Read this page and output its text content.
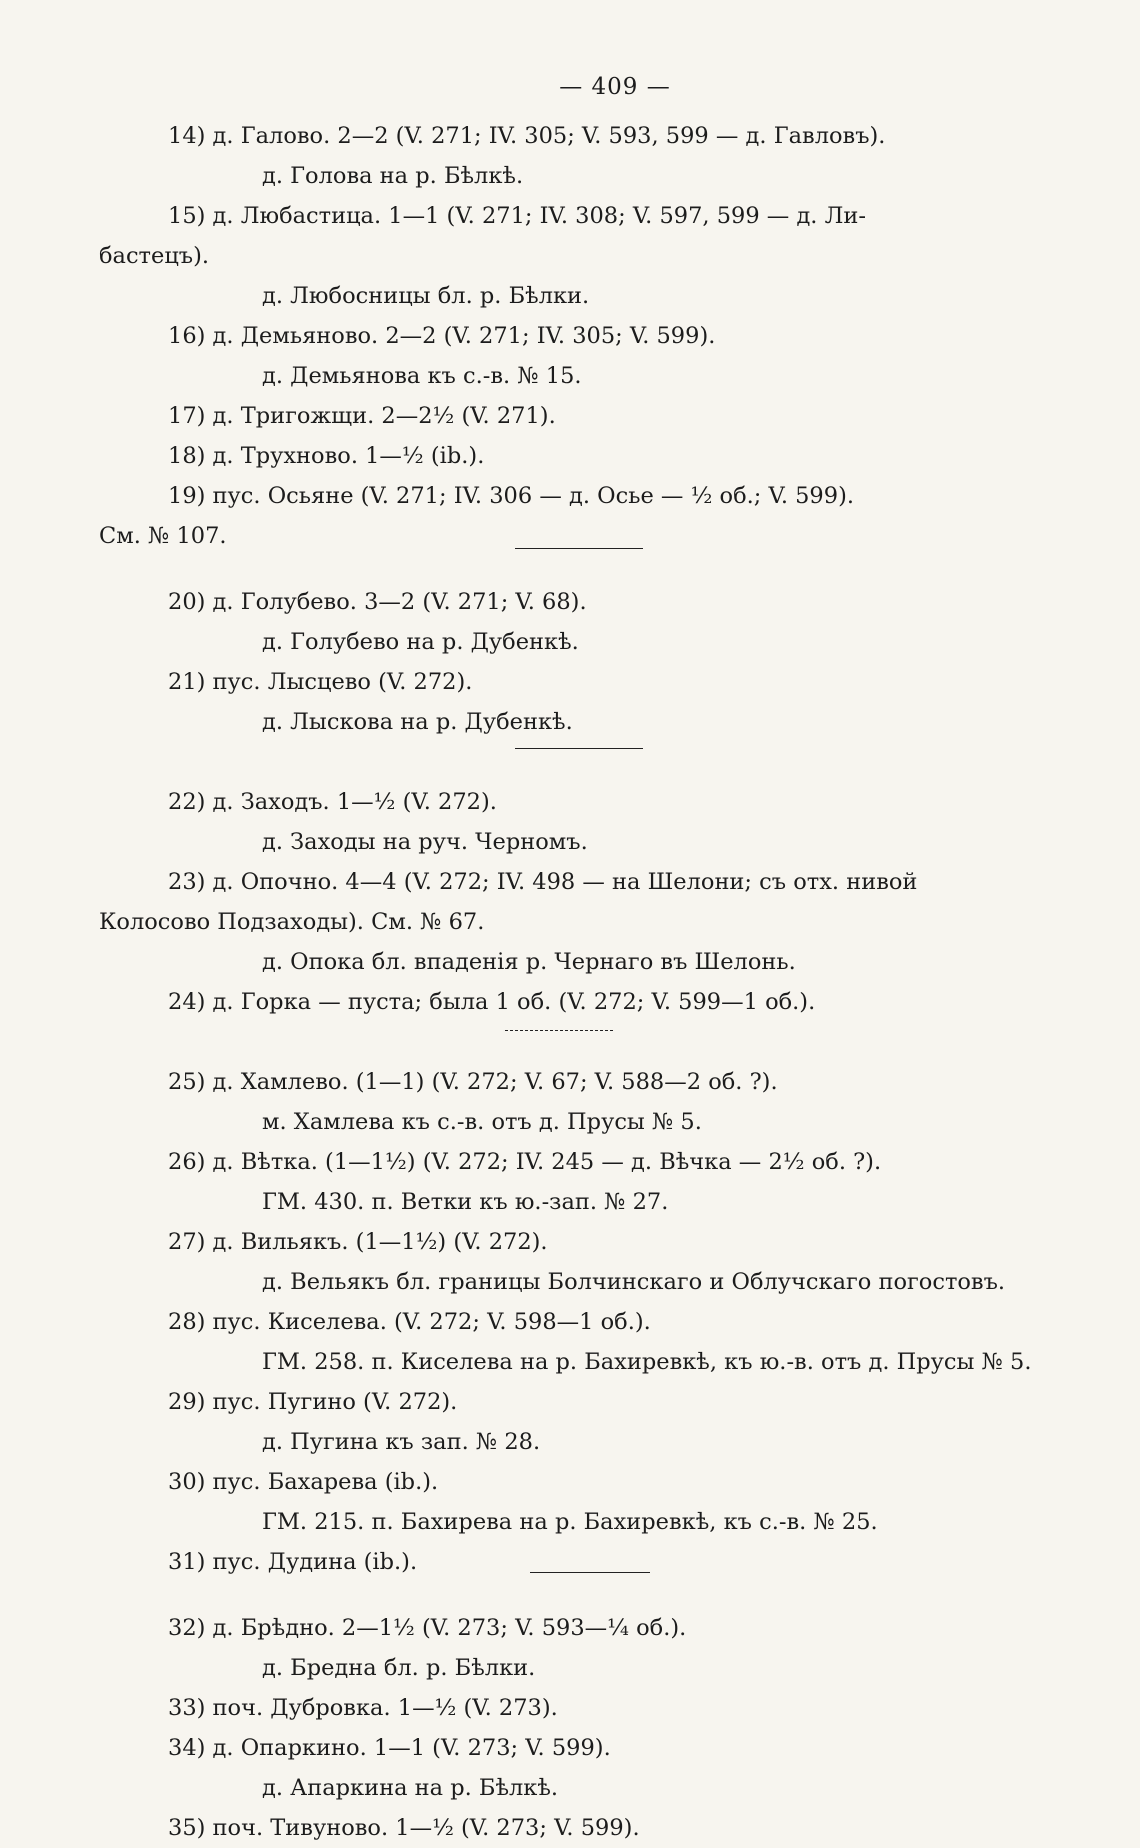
— 409 —
14) д. Галово. 2—2 (V. 271; IV. 305; V. 593, 599 — д. Гавловъ).
д. Голова на р. Бѣлкѣ.
15) д. Любастица. 1—1 (V. 271; IV. 308; V. 597, 599 — д. Ли-
бастецъ).
д. Любосницы бл. р. Бѣлки.
16) д. Демьяново. 2—2 (V. 271; IV. 305; V. 599).
д. Демьянова къ с.-в. № 15.
17) д. Тригожщи. 2—2½ (V. 271).
18) д. Трухново. 1—½ (ib.).
19) пус. Осьяне (V. 271; IV. 306 — д. Осье — ½ об.; V. 599).
См. № 107.
20) д. Голубево. 3—2 (V. 271; V. 68).
д. Голубево на р. Дубенкѣ.
21) пус. Лысцево (V. 272).
д. Лыскова на р. Дубенкѣ.
22) д. Заходъ. 1—½ (V. 272).
д. Заходы на руч. Черномъ.
23) д. Опочно. 4—4 (V. 272; IV. 498 — на Шелони; съ отх. нивой
Колосово Подзаходы). См. № 67.
д. Опока бл. впаденія р. Чернаго въ Шелонь.
24) д. Горка — пуста; была 1 об. (V. 272; V. 599—1 об.).
25) д. Хамлево. (1—1) (V. 272; V. 67; V. 588—2 об. ?).
м. Хамлева къ с.-в. отъ д. Прусы № 5.
26) д. Вѣтка. (1—1½) (V. 272; IV. 245 — д. Вѣчка — 2½ об. ?).
ГМ. 430. п. Ветки къ ю.-зап. № 27.
27) д. Вильякъ. (1—1½) (V. 272).
д. Вельякъ бл. границы Болчинскаго и Облучскаго погостовъ.
28) пус. Киселева. (V. 272; V. 598—1 об.).
ГМ. 258. п. Киселева на р. Бахиревкѣ, къ ю.-в. отъ д. Прусы № 5.
29) пус. Пугино (V. 272).
д. Пугина къ зап. № 28.
30) пус. Бахарева (ib.).
ГМ. 215. п. Бахирева на р. Бахиревкѣ, къ с.-в. № 25.
31) пус. Дудина (ib.).
32) д. Брѣдно. 2—1½ (V. 273; V. 593—¼ об.).
д. Бредна бл. р. Бѣлки.
33) поч. Дубровка. 1—½ (V. 273).
34) д. Опаркино. 1—1 (V. 273; V. 599).
д. Апаркина на р. Бѣлкѣ.
35) поч. Тивуново. 1—½ (V. 273; V. 599).
